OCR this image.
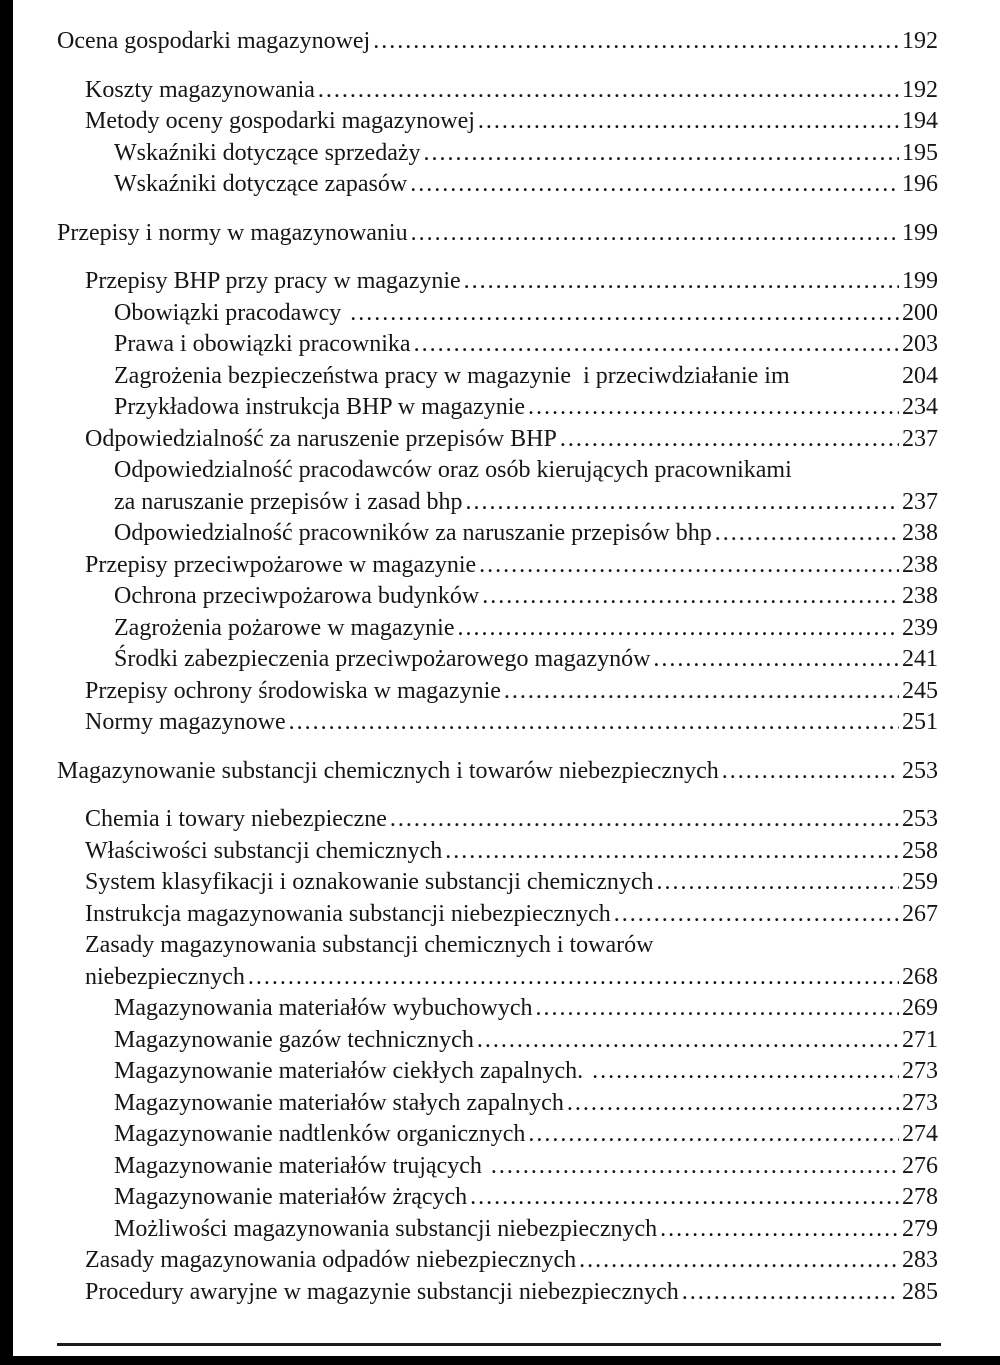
Ocena gospodarki magazynowej .....	192
Koszty magazynowania .....	192
Metody oceny gospodarki magazynowej .....	194
Wskaźniki dotyczące sprzedaży .....	195
Wskaźniki dotyczące zapasów .....	196
Przepisy i normy w magazynowaniu .....	199
Przepisy BHP przy pracy w magazynie .....	199
Obowiązki pracodawcy .....	200
Prawa i obowiązki pracownika .....	203
Zagrożenia bezpieczeństwa pracy w magazynie  i przeciwdziałanie im	204
Przykładowa instrukcja BHP w magazynie .....	234
Odpowiedzialność za naruszenie przepisów BHP .....	237
Odpowiedzialność pracodawców oraz osób kierujących pracownikami
za naruszanie przepisów i zasad bhp .....	237
Odpowiedzialność pracowników za naruszanie przepisów bhp .....	238
Przepisy przeciwpożarowe w magazynie .....	238
Ochrona przeciwpożarowa budynków .....	238
Zagrożenia pożarowe w magazynie .....	239
Środki zabezpieczenia przeciwpożarowego magazynów .....	241
Przepisy ochrony środowiska w magazynie .....	245
Normy magazynowe .....	251
Magazynowanie substancji chemicznych i towarów niebezpiecznych .....	253
Chemia i towary niebezpieczne .....	253
Właściwości substancji chemicznych .....	258
System klasyfikacji i oznakowanie substancji chemicznych .....	259
Instrukcja magazynowania substancji niebezpiecznych .....	267
Zasady magazynowania substancji chemicznych i towarów
niebezpiecznych .....	268
Magazynowania materiałów wybuchowych .....	269
Magazynowanie gazów technicznych .....	271
Magazynowanie materiałów ciekłych zapalnych. .....	273
Magazynowanie materiałów stałych zapalnych .....	273
Magazynowanie nadtlenków organicznych .....	274
Magazynowanie materiałów trujących .....	276
Magazynowanie materiałów żrących .....	278
Możliwości magazynowania substancji niebezpiecznych .....	279
Zasady magazynowania odpadów niebezpiecznych .....	283
Procedury awaryjne w magazynie substancji niebezpiecznych .....	285
